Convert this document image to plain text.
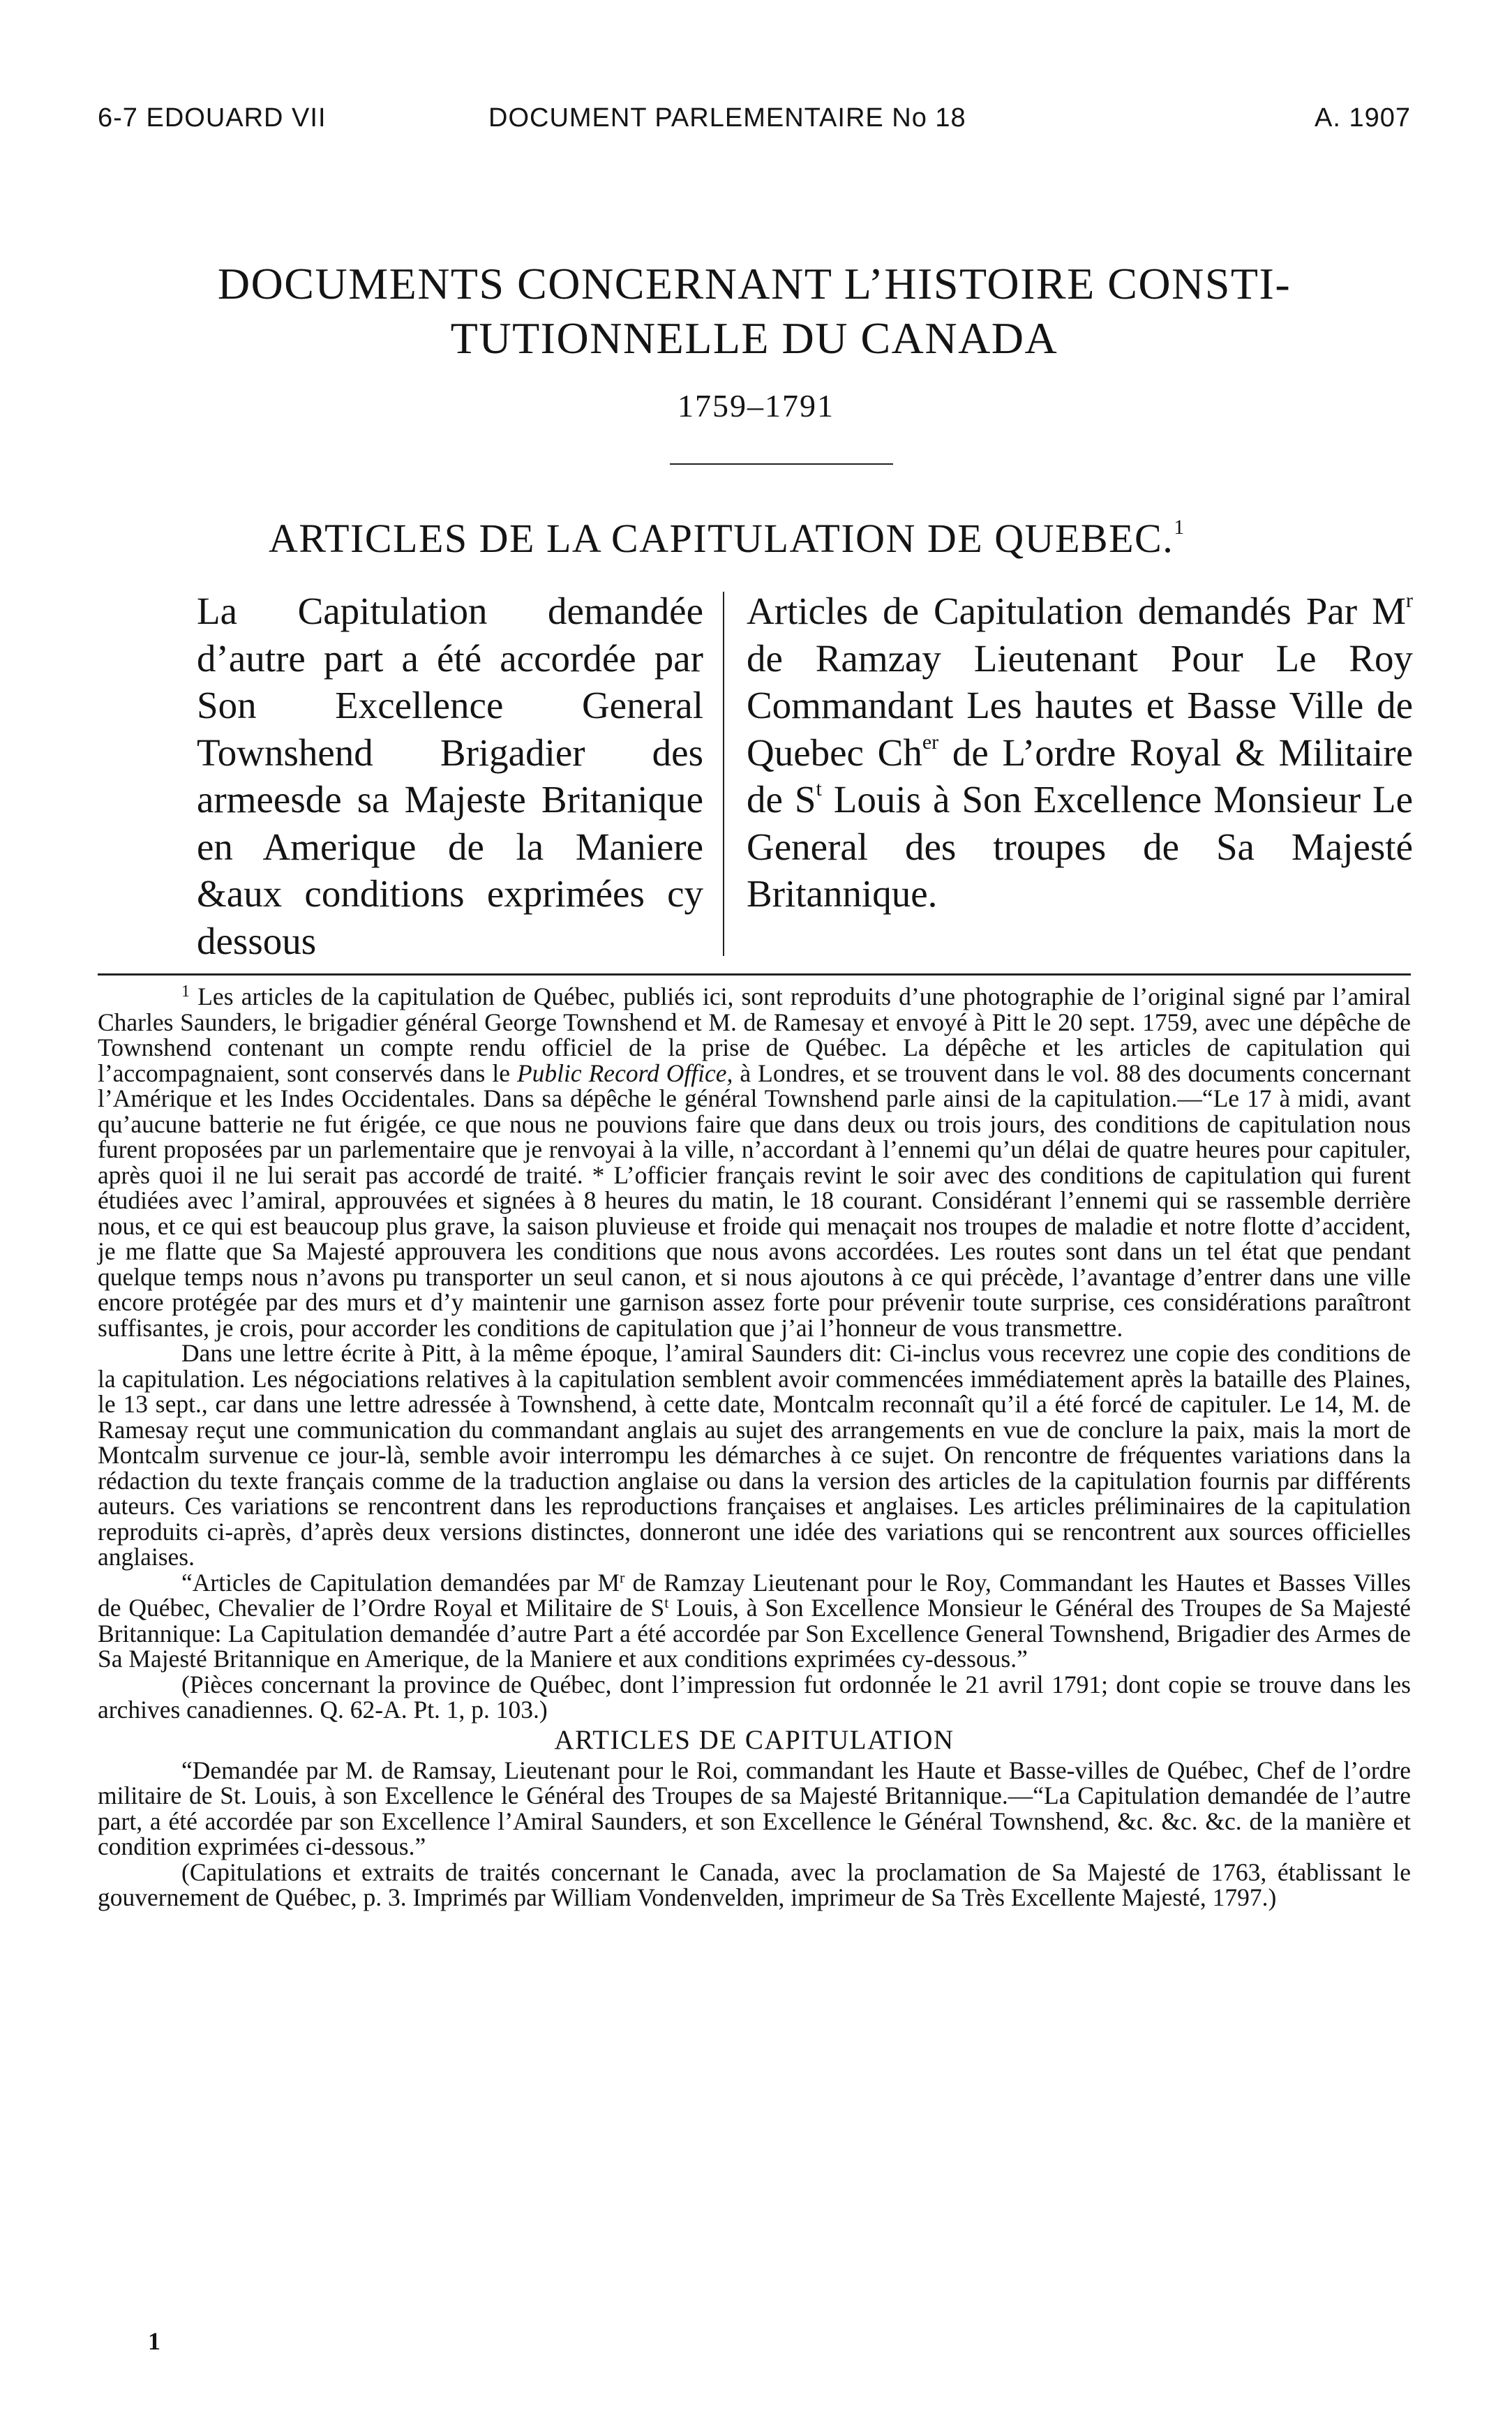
6-7 EDOUARD VII	DOCUMENT PARLEMENTAIRE No 18	A. 1907
DOCUMENTS CONCERNANT L’HISTOIRE CONSTI-
TUTIONNELLE DU CANADA
1759–1791
ARTICLES DE LA CAPITULATION DE QUEBEC.$^1$
La Capitulation demandée d’autre part a été accordée par Son Excellence General Townshend Brigadier des armeesde sa Majeste Britanique en Amerique de la Maniere &aux conditions exprimées cy dessous
Articles de Capitulation demandés Par $M^r$ de Ramzay Lieutenant Pour Le Roy Commandant Les hautes et Basse Ville de Quebec $Ch^{er}$ de L’ordre Royal & Militaire de $S^t$ Louis à Son Excellence Monsieur Le General des troupes de Sa Majesté Britannique.

$^1$ Les articles de la capitulation de Québec, publiés ici, sont reproduits d’une photographie de l’original signé par l’amiral Charles Saunders, le brigadier général George Townshend et M. de Ramesay et envoyé à Pitt le 20 sept. 1759, avec une dépêche de Townshend contenant un compte rendu officiel de la prise de Québec. La dépêche et les articles de capitulation qui l’accompagnaient, sont conservés dans le Public Record Office, à Londres, et se trouvent dans le vol. 88 des documents concernant l’Amérique et les Indes Occidentales. Dans sa dépêche le général Townshend parle ainsi de la capitulation.—“Le 17 à midi, avant qu’aucune batterie ne fut érigée, ce que nous ne pouvions faire que dans deux ou trois jours, des conditions de capitulation nous furent proposées par un parlementaire que je renvoyai à la ville, n’accordant à l’ennemi qu’un délai de quatre heures pour capituler, après quoi il ne lui serait pas accordé de traité. * L’officier français revint le soir avec des conditions de capitulation qui furent étudiées avec l’amiral, approuvées et signées à 8 heures du matin, le 18 courant. Considérant l’ennemi qui se rassemble derrière nous, et ce qui est beaucoup plus grave, la saison pluvieuse et froide qui menaçait nos troupes de maladie et notre flotte d’accident, je me flatte que Sa Majesté approuvera les conditions que nous avons accordées. Les routes sont dans un tel état que pendant quelque temps nous n’avons pu transporter un seul canon, et si nous ajoutons à ce qui précède, l’avantage d’entrer dans une ville encore protégée par des murs et d’y maintenir une garnison assez forte pour prévenir toute surprise, ces considérations paraîtront suffisantes, je crois, pour accorder les conditions de capitulation que j’ai l’honneur de vous transmettre.

Dans une lettre écrite à Pitt, à la même époque, l’amiral Saunders dit: Ci-inclus vous recevrez une copie des conditions de la capitulation. Les négociations relatives à la capitulation semblent avoir commencées immédiatement après la bataille des Plaines, le 13 sept., car dans une lettre adressée à Townshend, à cette date, Montcalm reconnaît qu’il a été forcé de capituler. Le 14, M. de Ramesay reçut une communication du commandant anglais au sujet des arrangements en vue de conclure la paix, mais la mort de Montcalm survenue ce jour-là, semble avoir interrompu les démarches à ce sujet. On rencontre de fréquentes variations dans la rédaction du texte français comme de la traduction anglaise ou dans la version des articles de la capitulation fournis par différents auteurs. Ces variations se rencontrent dans les reproductions françaises et anglaises. Les articles préliminaires de la capitulation reproduits ci-après, d’après deux versions distinctes, donneront une idée des variations qui se rencontrent aux sources officielles anglaises.

“Articles de Capitulation demandées par $M^r$ de Ramzay Lieutenant pour le Roy, Commandant les Hautes et Basses Villes de Québec, Chevalier de l’Ordre Royal et Militaire de $S^t$ Louis, à Son Excellence Monsieur le Général des Troupes de Sa Majesté Britannique: La Capitulation demandée d’autre Part a été accordée par Son Excellence General Townshend, Brigadier des Armes de Sa Majesté Britannique en Amerique, de la Maniere et aux conditions exprimées cy-dessous.”

(Pièces concernant la province de Québec, dont l’impression fut ordonnée le 21 avril 1791; dont copie se trouve dans les archives canadiennes. Q. 62-A. Pt. 1, p. 103.)

ARTICLES DE CAPITULATION

“Demandée par M. de Ramsay, Lieutenant pour le Roi, commandant les Haute et Basse-villes de Québec, Chef de l’ordre militaire de St. Louis, à son Excellence le Général des Troupes de sa Majesté Britannique.—“La Capitulation demandée de l’autre part, a été accordée par son Excellence l’Amiral Saunders, et son Excellence le Général Townshend, &c. &c. &c. de la manière et condition exprimées ci-dessous.”

(Capitulations et extraits de traités concernant le Canada, avec la proclamation de Sa Majesté de 1763, établissant le gouvernement de Québec, p. 3. Imprimés par William Vondenvelden, imprimeur de Sa Très Excellente Majesté, 1797.)

1
